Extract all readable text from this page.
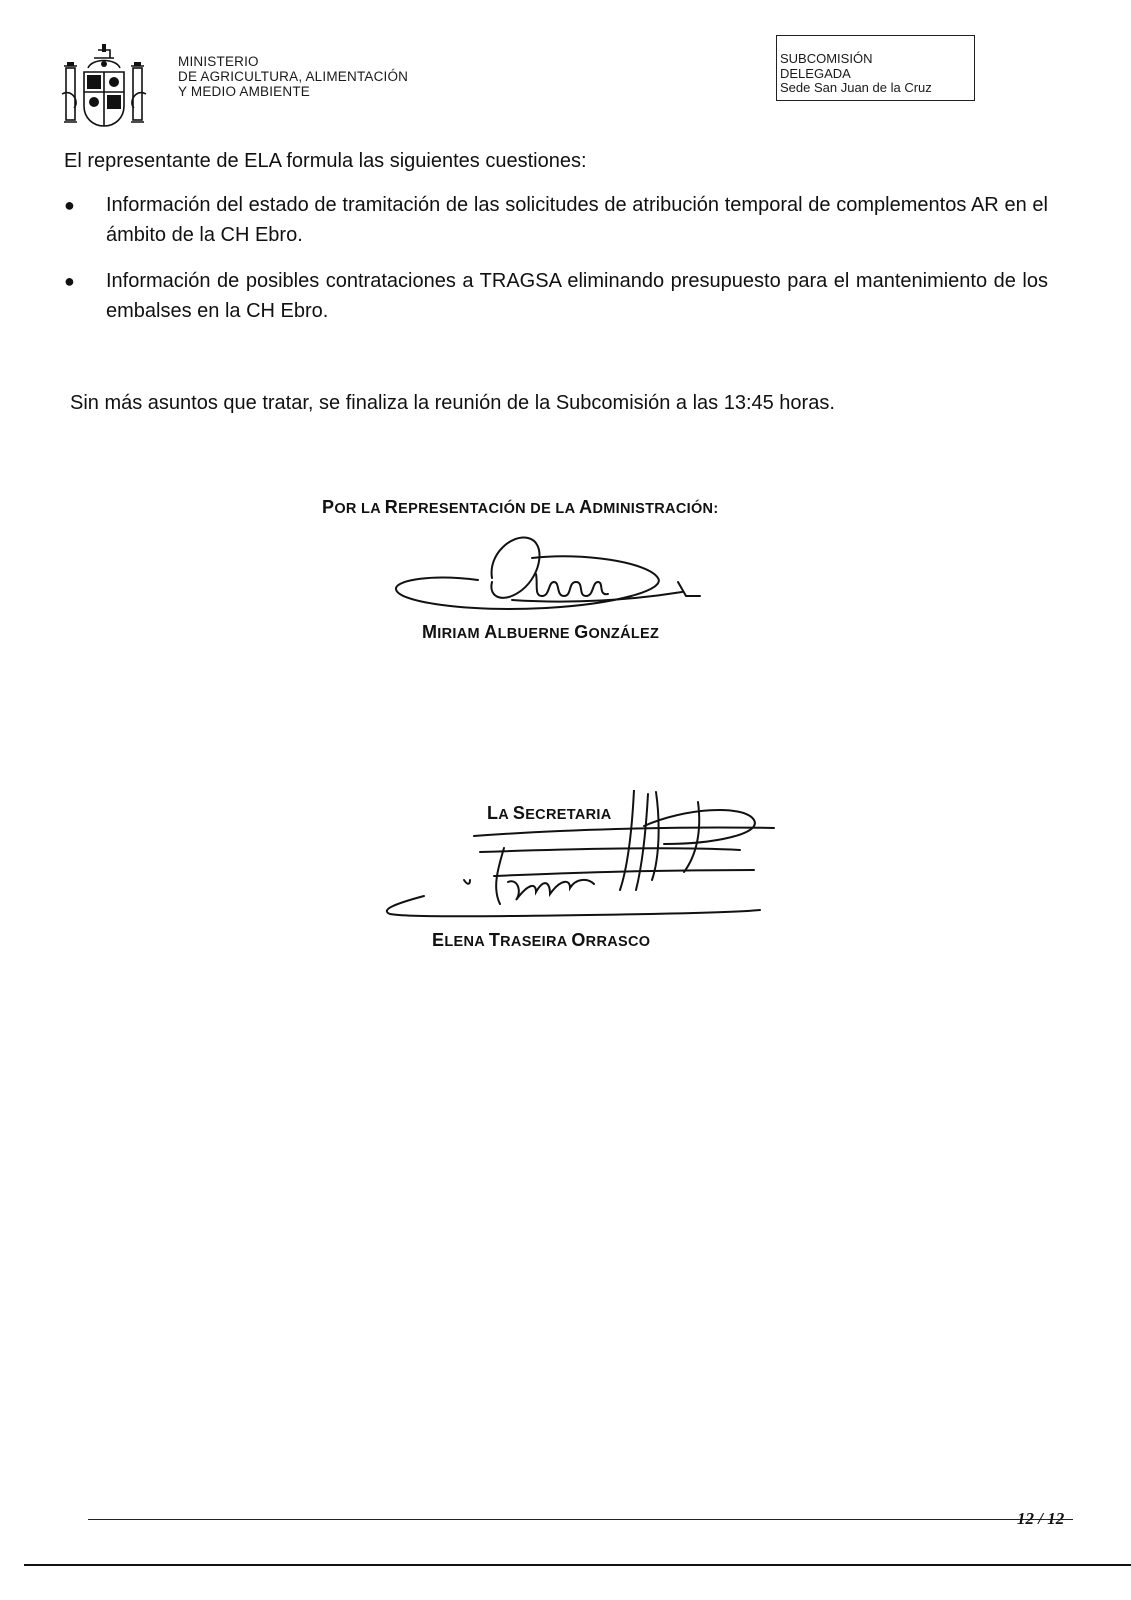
MINISTERIO
DE AGRICULTURA, ALIMENTACIÓN
Y MEDIO AMBIENTE
SUBCOMISIÓN
DELEGADA
Sede San Juan de la Cruz
El representante de ELA formula las siguientes cuestiones:
● Información del estado de tramitación de las solicitudes de atribución temporal de complementos AR en el ámbito de la CH Ebro.
● Información de posibles contrataciones a TRAGSA eliminando presupuesto para el mantenimiento de los embalses en la CH Ebro.
Sin más asuntos que tratar, se finaliza la reunión de la Subcomisión a las 13:45 horas.
POR LA REPRESENTACIÓN DE LA ADMINISTRACIÓN:
MIRIAM ALBUERNE GONZÁLEZ
LA SECRETARIA
ELENA TRASEIRA ORRASCO
12 / 12
